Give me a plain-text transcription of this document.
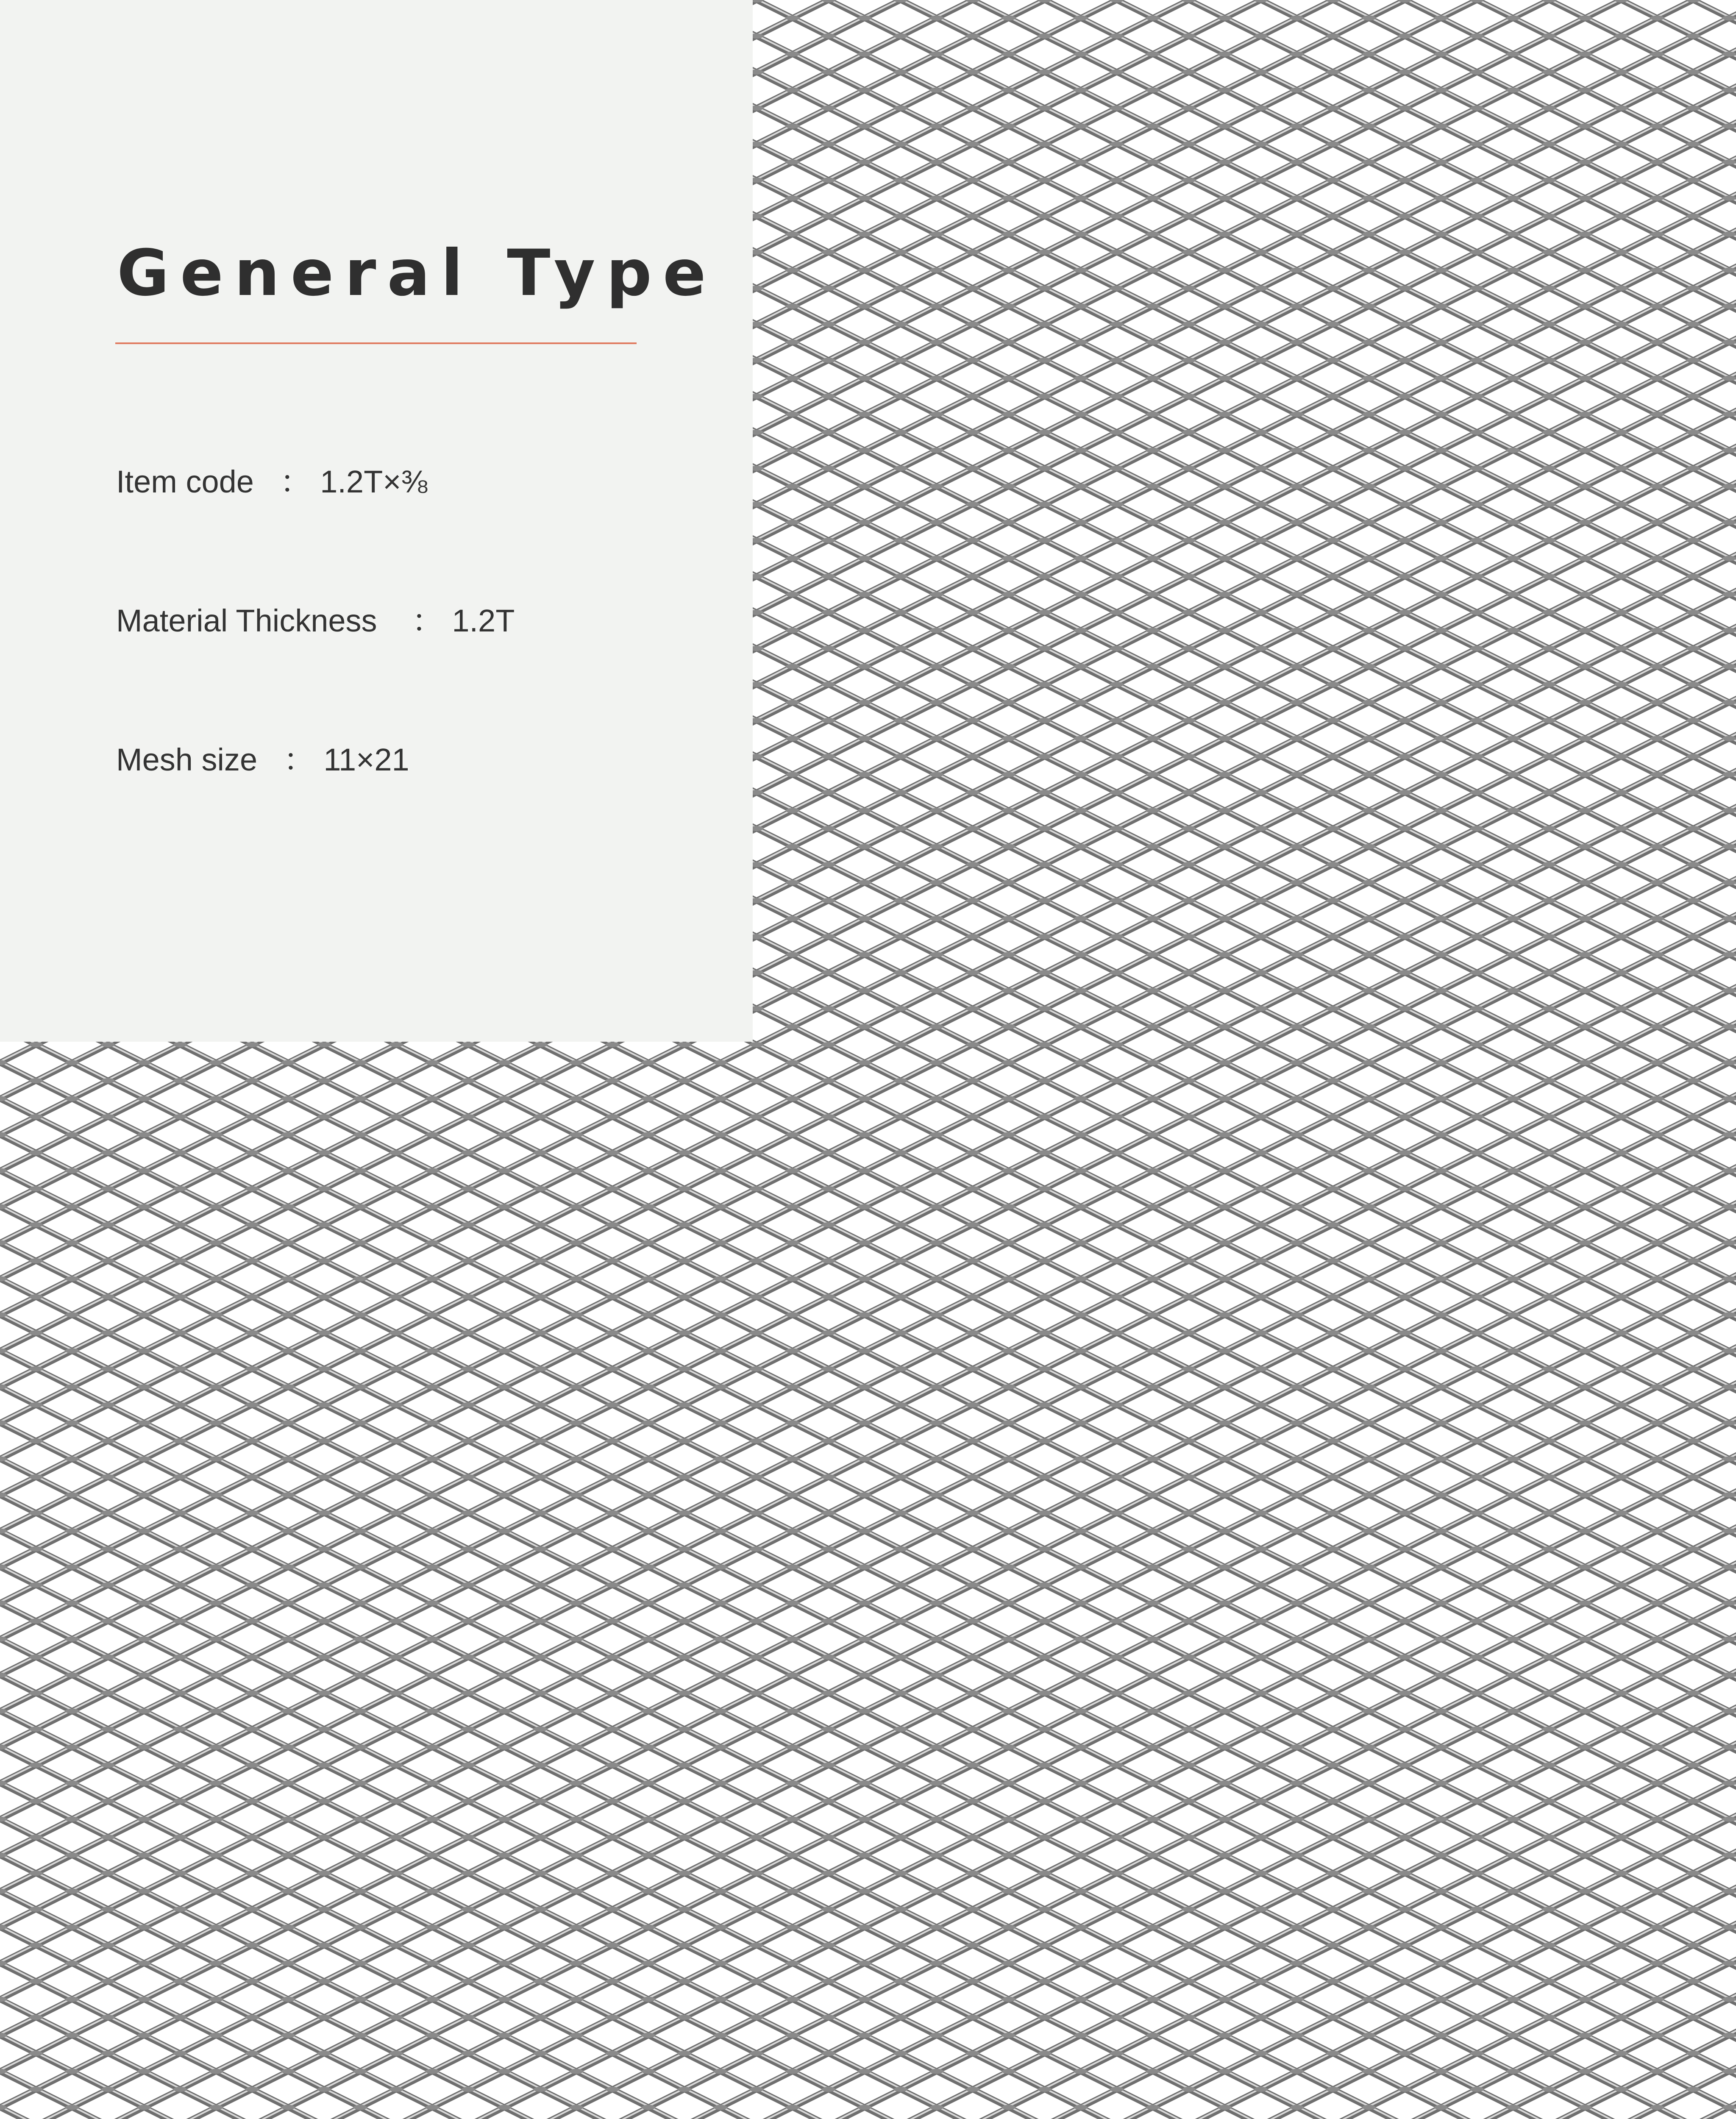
General Type
Item code   ： 1.2T×⅜
Material Thickness    ： 1.2T
Mesh size   ： 11×21
